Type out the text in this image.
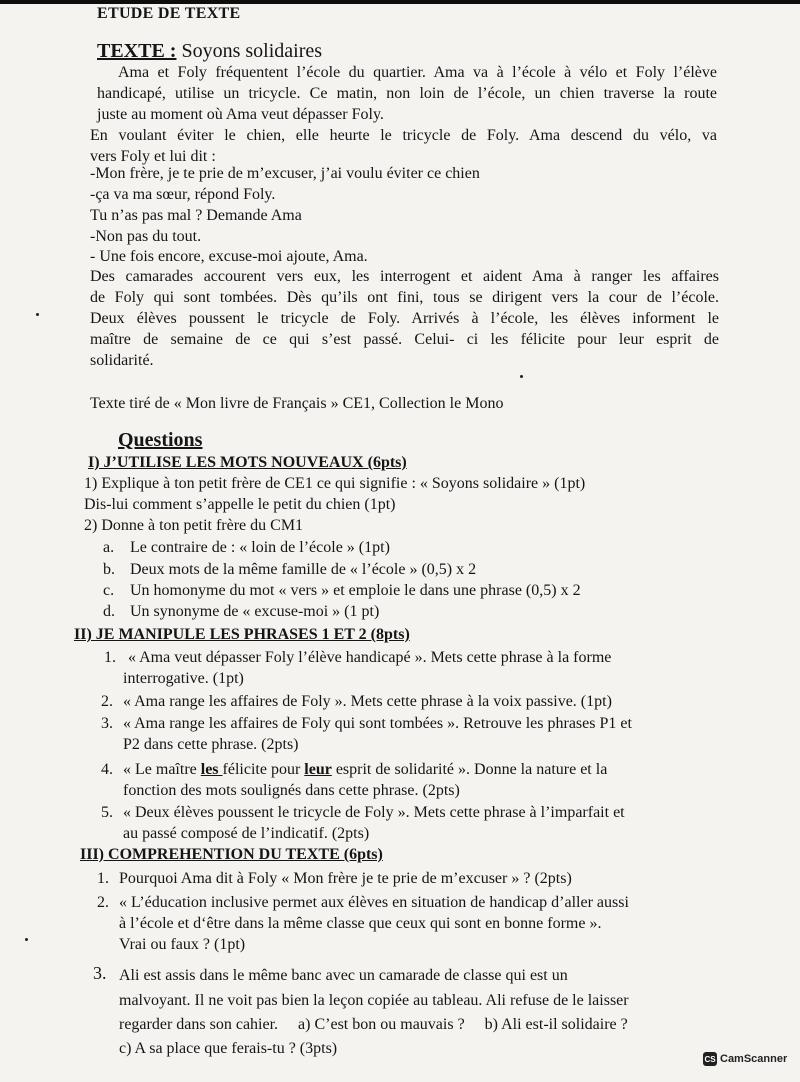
ETUDE DE TEXTE
TEXTE : Soyons solidaires
Ama et Foly fréquentent l’école du quartier. Ama va à l’école à vélo et Foly l’élève
handicapé, utilise un tricycle. Ce matin, non loin de l’école, un chien traverse la route
juste au moment où Ama veut dépasser Foly.
En voulant éviter le chien, elle heurte le tricycle de Foly. Ama descend du vélo, va
vers Foly et lui dit :
-Mon frère, je te prie de m’excuser, j’ai voulu éviter ce chien
-ça va ma sœur, répond Foly.
Tu n’as pas mal ? Demande Ama
-Non pas du tout.
- Une fois encore, excuse-moi ajoute, Ama.
Des camarades accourent vers eux, les interrogent et aident Ama à ranger les affaires
de Foly qui sont tombées. Dès qu’ils ont fini, tous se dirigent vers la cour de l’école.
Deux élèves poussent le tricycle de Foly. Arrivés à l’école, les élèves informent le
maître de semaine de ce qui s’est passé. Celui- ci les félicite pour leur esprit de
solidarité.
Texte tiré de « Mon livre de Français » CE1, Collection le Mono
Questions
I) J’UTILISE LES MOTS NOUVEAUX (6pts)
1) Explique à ton petit frère de CE1 ce qui signifie : « Soyons solidaire » (1pt)
Dis-lui comment s’appelle le petit du chien (1pt)
2) Donne à ton petit frère du CM1
a. Le contraire de : « loin de l’école » (1pt)
b. Deux mots de la même famille de « l’école » (0,5) x 2
c. Un homonyme du mot « vers » et emploie le dans une phrase (0,5) x 2
d. Un synonyme de « excuse-moi » (1 pt)
II) JE MANIPULE LES PHRASES 1 ET 2 (8pts)
1. « Ama veut dépasser Foly l’élève handicapé ». Mets cette phrase à la forme
interrogative. (1pt)
2. « Ama range les affaires de Foly ». Mets cette phrase à la voix passive. (1pt)
3. « Ama range les affaires de Foly qui sont tombées ». Retrouve les phrases P1 et
P2 dans cette phrase. (2pts)
4. « Le maître les félicite pour leur esprit de solidarité ». Donne la nature et la
fonction des mots soulignés dans cette phrase. (2pts)
5. « Deux élèves poussent le tricycle de Foly ». Mets cette phrase à l’imparfait et
au passé composé de l’indicatif. (2pts)
III) COMPREHENTION DU TEXTE (6pts)
1. Pourquoi Ama dit à Foly « Mon frère je te prie de m’excuser » ? (2pts)
2. « L’éducation inclusive permet aux élèves en situation de handicap d’aller aussi
à l’école et d‘être dans la même classe que ceux qui sont en bonne forme ».
Vrai ou faux ? (1pt)
3. Ali est assis dans le même banc avec un camarade de classe qui est un
malvoyant. Il ne voit pas bien la leçon copiée au tableau. Ali refuse de le laisser
regarder dans son cahier.     a) C’est bon ou mauvais ?     b) Ali est-il solidaire ?
c) A sa place que ferais-tu ? (3pts)
CS CamScanner
